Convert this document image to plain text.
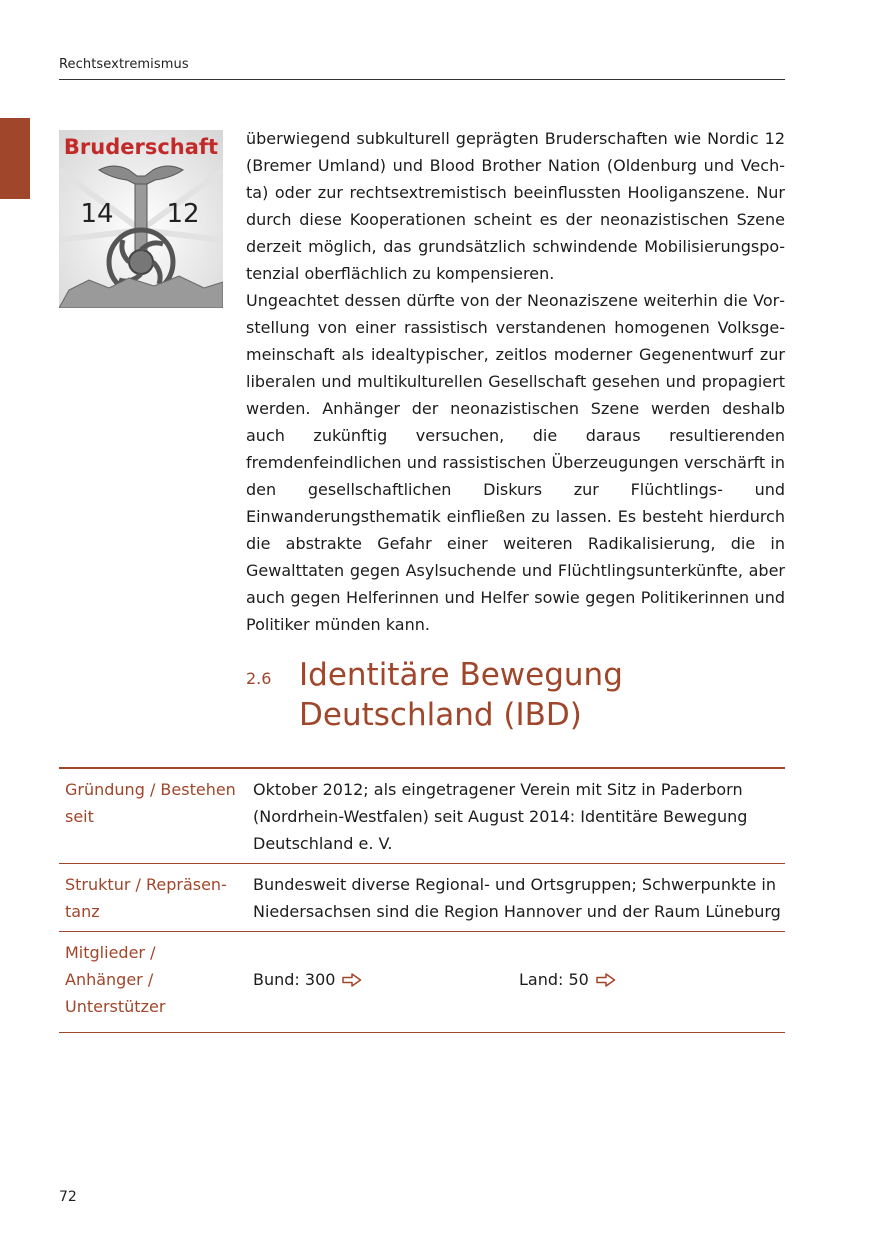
Rechtsextremismus
Bruderschaft
14 12

überwiegend subkulturell geprägten Bruderschaften wie Nordic 12 (Bremer Umland) und Blood Brother Nation (Oldenburg und Vechta) oder zur rechtsextremistisch beeinflussten Hooliganszene. Nur durch diese Kooperationen scheint es der neonazistischen Szene derzeit möglich, das grundsätzlich schwindende Mobilisierungspotenzial oberflächlich zu kompensieren.

Ungeachtet dessen dürfte von der Neonaziszene weiterhin die Vorstellung von einer rassistisch verstandenen homogenen Volksgemeinschaft als idealtypischer, zeitlos moderner Gegenentwurf zur liberalen und multikulturellen Gesellschaft gesehen und propagiert werden. Anhänger der neonazistischen Szene werden deshalb auch zukünftig versuchen, die daraus resultierenden fremdenfeindlichen und rassistischen Überzeugungen verschärft in den gesellschaftlichen Diskurs zur Flüchtlings- und Einwanderungsthematik einfließen zu lassen. Es besteht hierdurch die abstrakte Gefahr einer weiteren Radikalisierung, die in Gewalttaten gegen Asylsuchende und Flüchtlingsunterkünfte, aber auch gegen Helferinnen und Helfer sowie gegen Politikerinnen und Politiker münden kann.

2.6 Identitäre Bewegung
Deutschland (IBD)
Gründung / Bestehen seit
Oktober 2012; als eingetragener Verein mit Sitz in Paderborn (Nordrhein-Westfalen) seit August 2014: Identitäre Bewegung Deutschland e. V.
Struktur / Repräsentanz
Bundesweit diverse Regional- und Ortsgruppen; Schwerpunkte in Niedersachsen sind die Region Hannover und der Raum Lüneburg
Mitglieder /
Anhänger /
Unterstützer
Bund: 300	Land: 50
72
